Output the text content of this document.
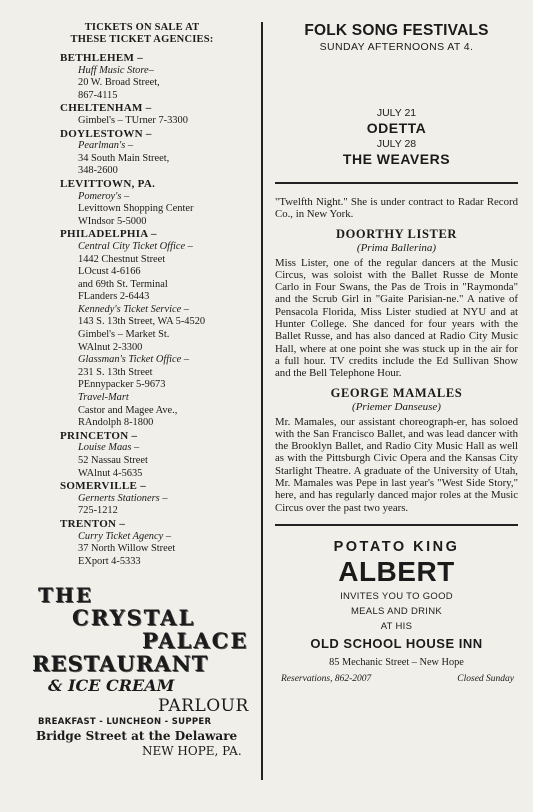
TICKETS ON SALE AT
THESE TICKET AGENCIES:
BETHLEHEM –
Huff Music Store–
20 W. Broad Street,
867-4115
CHELTENHAM –
Gimbel's – TUrner 7-3300
DOYLESTOWN –
Pearlman's –
34 South Main Street,
348-2600
LEVITTOWN, PA.
Pomeroy's –
Levittown Shopping Center
WIndsor 5-5000
PHILADELPHIA –
Central City Ticket Office –
1442 Chestnut Street
LOcust 4-6166
and 69th St. Terminal
FLanders 2-6443
Kennedy's Ticket Service –
143 S. 13th Street, WA 5-4520
Gimbel's – Market St.
WAlnut 2-3300
Glassman's Ticket Office –
231 S. 13th Street
PEnnypacker 5-9673
Travel-Mart
Castor and Magee Ave.,
RAndolph 8-1800
PRINCETON –
Louise Maas –
52 Nassau Street
WAlnut 4-5635
SOMERVILLE –
Gernerts Stationers –
725-1212
TRENTON –
Curry Ticket Agency –
37 North Willow Street
EXport 4-5333
THE
CRYSTAL
PALACE
RESTAURANT
& ICE CREAM
PARLOUR
BREAKFAST - LUNCHEON - SUPPER
Bridge Street at the Delaware
NEW HOPE, PA.
FOLK SONG FESTIVALS
SUNDAY AFTERNOONS AT 4.
JULY 21
ODETTA
JULY 28
THE WEAVERS
"Twelfth Night." She is under contract to Radar Record Co., in New York.
DOORTHY LISTER
(Prima Ballerina)
Miss Lister, one of the regular dancers at the Music Circus, was soloist with the Ballet Russe de Monte Carlo in Four Swans, the Pas de Trois in "Raymonda" and the Scrub Girl in "Gaite Parisian-ne." A native of Pensacola Florida, Miss Lister studied at NYU and at Hunter College. She danced for four years with the Ballet Russe, and has also danced at Radio City Music Hall, where at one point she was stuck up in the air for a full hour. TV credits include the Ed Sullivan Show and the Bell Telephone Hour.
GEORGE MAMALES
(Priemer Danseuse)
Mr. Mamales, our assistant choreograph-er, has soloed with the San Francisco Ballet, and was lead dancer with the Brooklyn Ballet, and Radio City Music Hall as well as with the Pittsburgh Civic Opera and the Kansas City Starlight Theatre. A graduate of the University of Utah, Mr. Mamales was Pepe in last year's "West Side Story," here, and has regularly danced major roles at the Music Circus over the past two years.
POTATO KING
ALBERT
INVITES YOU TO GOOD
MEALS AND DRINK
AT HIS
OLD SCHOOL HOUSE INN
85 Mechanic Street – New Hope
Reservations, 862-2007	Closed Sunday
